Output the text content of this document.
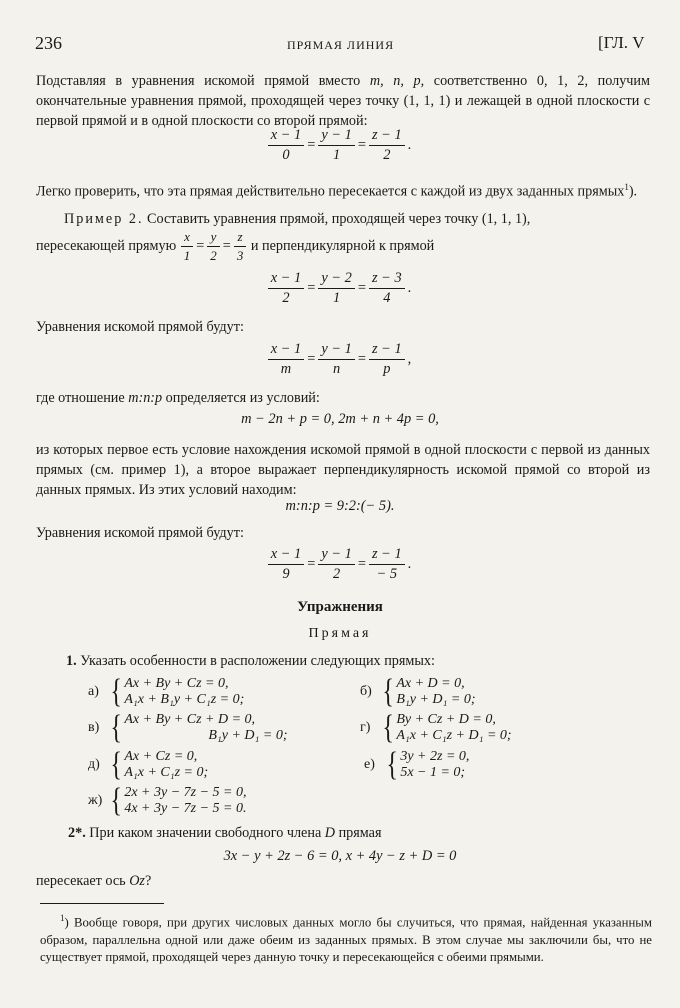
236	ПРЯМАЯ ЛИНИЯ	[ГЛ. V
Подставляя в уравнения искомой прямой вместо m, n, p, соответственно 0, 1, 2, получим окончательные уравнения прямой, проходящей через точку (1, 1, 1) и лежащей в одной плоскости с первой прямой и в одной плоскости со второй прямой:
$\frac{x - 1}{0} = \frac{y - 1}{1} = \frac{z - 1}{2}$ .
Легко проверить, что эта прямая действительно пересекается с каждой из двух заданных прямых$^1$).
Пример 2. Составить уравнения прямой, проходящей через точку (1, 1, 1),
пересекающей прямую $\frac{x}{1} = \frac{y}{2} = \frac{z}{3}$ и перпендикулярной к прямой
$\frac{x - 1}{2} = \frac{y - 2}{1} = \frac{z - 3}{4}$ .
Уравнения искомой прямой будут:
$\frac{x - 1}{m} = \frac{y - 1}{n} = \frac{z - 1}{p}$ ,
где отношение m:n:p определяется из условий:
m − 2n + p = 0, 2m + n + 4p = 0,
из которых первое есть условие нахождения искомой прямой в одной плоскости с первой из данных прямых (см. пример 1), а второе выражает перпендикулярность искомой прямой со второй из данных прямых. Из этих условий находим:
m:n:p = 9:2:(− 5).
Уравнения искомой прямой будут:
$\frac{x - 1}{9} = \frac{y - 1}{2} = \frac{z - 1}{- 5}$ .
Упражнения
Прямая
1. Указать особенности в расположении следующих прямых:
а) { Ax + By + Cz = 0,
A₁x + B₁y + C₁z = 0;
б) { Ax + D = 0,
B₁y + D₁ = 0;
в) { Ax + By + Cz + D = 0,
B₁y + D₁ = 0;
г) { By + Cz + D = 0,
A₁x + C₁z + D₁ = 0;
д) { Ax + Cz = 0,
A₁x + C₁z = 0;
е) { 3y + 2z = 0,
5x − 1 = 0;
ж) { 2x + 3y − 7z − 5 = 0,
4x + 3y − 7z − 5 = 0.
2*. При каком значении свободного члена D прямая
3x − y + 2z − 6 = 0, x + 4y − z + D = 0
пересекает ось Oz?
$^1$) Вообще говоря, при других числовых данных могло бы случиться, что прямая, найденная указанным образом, параллельна одной или даже обеим из заданных прямых. В этом случае мы заключили бы, что не существует прямой, проходящей через данную точку и пересекающейся с обеими прямыми.
